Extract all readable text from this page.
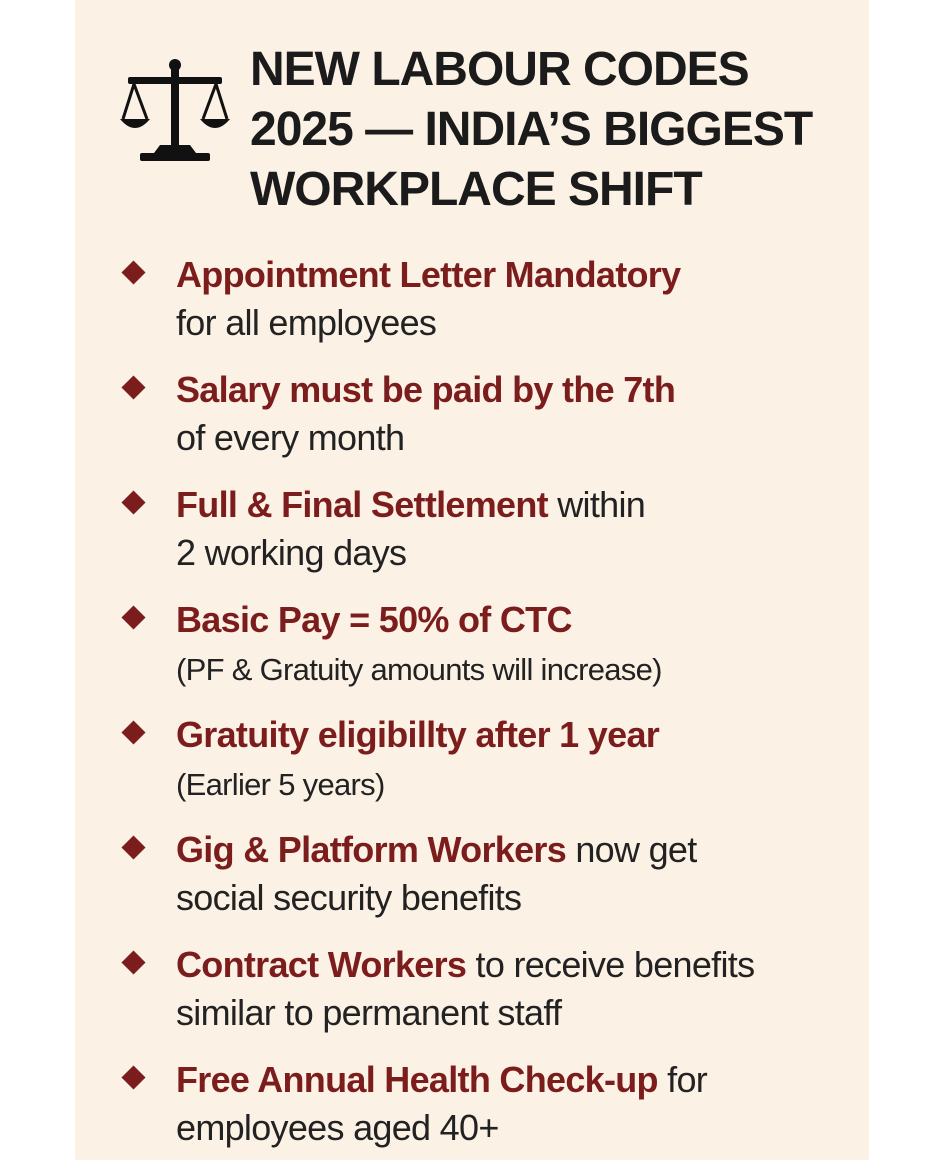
NEW LABOUR CODES
2025 — INDIA’S BIGGEST
WORKPLACE SHIFT
Appointment Letter Mandatory
for all employees
Salary must be paid by the 7th
of every month
Full & Final Settlement within
2 working days
Basic Pay = 50% of CTC
(PF & Gratuity amounts will increase)
Gratuity eligibillty after 1 year
(Earlier 5 years)
Gig & Platform Workers now get
social security benefits
Contract Workers to receive benefits
similar to permanent staff
Free Annual Health Check-up for
employees aged 40+
